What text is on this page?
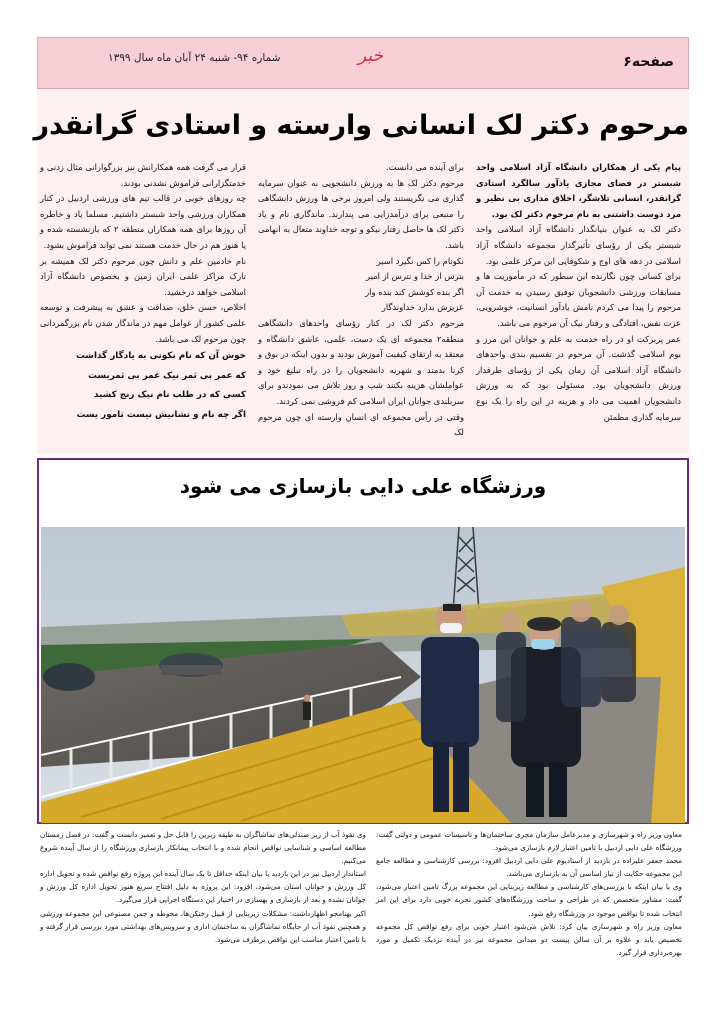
شماره ۹۴- شنبه ۲۴ آبان ماه سال ۱۳۹۹	خبر	صفحه۶
مرحوم دکتر لک انسانی وارسته و استادی گرانقدر

پیام یکی از همکاران دانشگاه آزاد اسلامی واحد شبستر در فضای مجازی یادآور سالگرد استادی گرانقدر، انسانی تلاشگر، اخلاق مداری بی نظیر و مرد دوست داشتنی به نام مرحوم دکتر لک بود.

دکتر لک به عنوان بنیانگذار دانشگاه آزاد اسلامی واحد شبستر یکی از رؤسای تأثیرگذار مجموعه دانشگاه آزاد اسلامی در دهه های اوج و شکوفایی این مرکز علمی بود.

برای کسانی چون نگارنده این سطور که در مأموریت ها و مسابقات ورزشی دانشجویان توفیق رسیدن به خدمت آن مرحوم را پیدا می کردم نامش یادآور انسانیت، خوشرویی، عزت نفس، افتادگی و رفتار نیک آن مرحوم می باشد.

عمر پربرکت او در راه خدمت به علم و جوانان این مرز و بوم اسلامی گذشت. آن مرحوم در تقسیم بندی واحدهای دانشگاه آزاد اسلامی آن زمان یکی از رؤسای طرفدار ورزش دانشجویان بود. مسئولی بود که به ورزش دانشجویان اهمیت می داد و هزینه در این راه را یک نوع سرمایه گذاری مطمئن

برای آینده می دانست.

مرحوم دکتر لک ها به ورزش دانشجویی به عنوان سرمایه گذاری می نگریستند ولی امروز برخی ها ورزش دانشگاهی را منبعی برای درآمدزایی می پندارند. ماندگاری نام و یاد دکتر لک ها حاصل رفتار نیکو و توجه خداوند متعال به انهامی باشد.

نکونام را کس نگیرد اسیر

بترس از خدا و نترس از امیر

اگر بنده کوشش کند بنده وار

عزیزش بدارد خداوندگار

مرحوم دکتر لک در کنار رؤسای واحدهای دانشگاهی منطقه۲ مجموعه ای یک دست، علمی، عاشق دانشگاه و معتقد به ارتقای کیفیت آموزش بودند و بدون اینکه در بوق و کرنا بدمند و شهریه دانشجویان را در راه تبلیغ خود و عواملشان هزینه بکنند شب و روز تلاش می نمودندو برای سربلندی جوانان ایران اسلامی کم فروشی نمی کردند.

وقتی در رأس مجموعه ای انسان وارسته ای چون مرحوم لک

قرار می گرفت همه همکارانش نیز بزرگوارانی مثال زدنی و خدمتگزارانی فراموش نشدنی بودند.

چه روزهای خوبی در قالب تیم های ورزشی اردبیل در کنار همکاران ورزشی واحد شبستر داشتیم. مسلما یاد و خاطره آن روزها برای همه همکاران منطقه ۲ که بازنشسته شده و یا هنوز هم در حال خدمت هستند نمی تواند فراموش بشود.

نام خادمین علم و دانش چون مرحوم دکتر لک همیشه بر تارک مراکز علمی ایران زمین و بخصوص دانشگاه آزاد اسلامی خواهد درخشید.

اخلاص، حسن خلق، صداقت و عشق به پیشرفت و توسعه علمی کشور از عوامل مهم در ماندگار شدن نام بزرگمردانی چون مرحوم لک می باشد.

خوش آن که نام نکونی به یادگار گذاشت

که عمر بی ثمر نیک عمر بی ثمریست

کسی که در طلب نام نیک رنج کشید

اگر چه نام و نشانیش نیست تامور یست

ورزشگاه علی دایی بازسازی می شود

معاون وزیر راه و شهرسازی و مدیرعامل سازمان مجری ساختمان‌ها و تاسیسات عمومی و دولتی گفت: ورزشگاه علی دایی اردبیل با تامین اعتبار لازم بازسازی می‌شود.

محمد جعفر علیزاده در بازدید از استادیوم علی دایی اردبیل افزود: بررسی کارشناسی و مطالعه جامع این مجموعه حکایت از نیاز اساسی آن به بازسازی می‌باشد.

وی با بیان اینکه با بررسی‌های کارشناسی و مطالعه زیربنایی این مجموعه بزرگ تامین اعتبار می‌شود، گفت: مشاور متخصص که در طراحی و ساخت ورزشگاه‌های کشور تجربه خوبی دارد برای این امر انتخاب شده تا نواقص موجود در ورزشگاه رفع شود.

معاون وزیر راه و شهرسازی بیان کرد: تلاش می‌شود اعتبار خوبی برای رفع نواقص کل مجموعه تخصیص یابد و علاوه بر آن سالن پیست دو میدانی مجموعه نیز در آینده نزدیک تکمیل و مورد بهره‌برداری قرار گیرد.

وی نفوذ آب از زیر صندلی‌های تماشاگران به طبقه زیرین را قابل حل و تعمیر دانست و گفت: در فصل زمستان مطالعه اساسی و شناسایی نواقص انجام شده و با انتخاب پیمانکار بازسازی ورزشگاه را از سال آینده شروع می‌کنیم.

استاندار اردبیل نیز در این بازدید با بیان اینکه حداقل تا یک سال آینده این پروژه رفع نواقص شده و تحویل اداره کل ورزش و جوانان استان می‌شود، افزود: این پروژه به دلیل افتتاح سریع هنوز تحویل اداره کل ورزش و جوانان نشده و بعد از بازسازی و بهسازی در اختیار این دستگاه اجرایی قرار می‌گیرد.

اکبر بهنامجو اظهارداشت: مشکلات زیربنایی از قبیل رختکن‌ها، محوطه و چمن مصنوعی این مجموعه ورزشی و همچنین نفوذ آب از جایگاه تماشاگران به ساختمان اداری و سرویس‌های بهداشتی مورد بررسی قرار گرفته و با تامین اعتبار مناسب این نواقص برطرف می‌شود.
